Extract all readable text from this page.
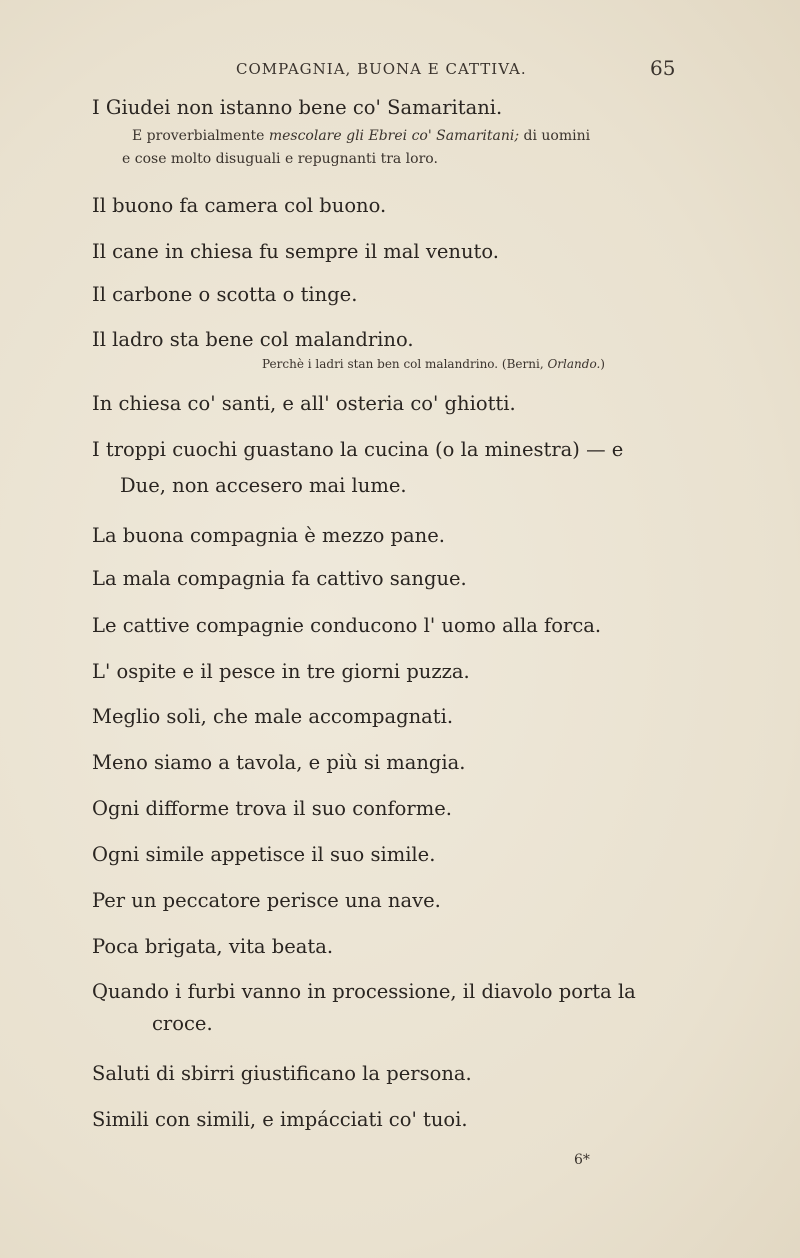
COMPAGNIA, BUONA E CATTIVA.	65
I Giudei non istanno bene co' Samaritani.
E proverbialmente mescolare gli Ebrei co' Samaritani; di uomini
e cose molto disuguali e repugnanti tra loro.
Il buono fa camera col buono.
Il cane in chiesa fu sempre il mal venuto.
Il carbone o scotta o tinge.
Il ladro sta bene col malandrino.
Perchè i ladri stan ben col malandrino. (Berni, Orlando.)
In chiesa co' santi, e all' osteria co' ghiotti.
I troppi cuochi guastano la cucina (o la minestra) — e
Due, non accesero mai lume.
La buona compagnia è mezzo pane.
La mala compagnia fa cattivo sangue.
Le cattive compagnie conducono l' uomo alla forca.
L' ospite e il pesce in tre giorni puzza.
Meglio soli, che male accompagnati.
Meno siamo a tavola, e più si mangia.
Ogni difforme trova il suo conforme.
Ogni simile appetisce il suo simile.
Per un peccatore perisce una nave.
Poca brigata, vita beata.
Quando i furbi vanno in processione, il diavolo porta la
croce.
Saluti di sbirri giustificano la persona.
Simili con simili, e impácciati co' tuoi.
6*
